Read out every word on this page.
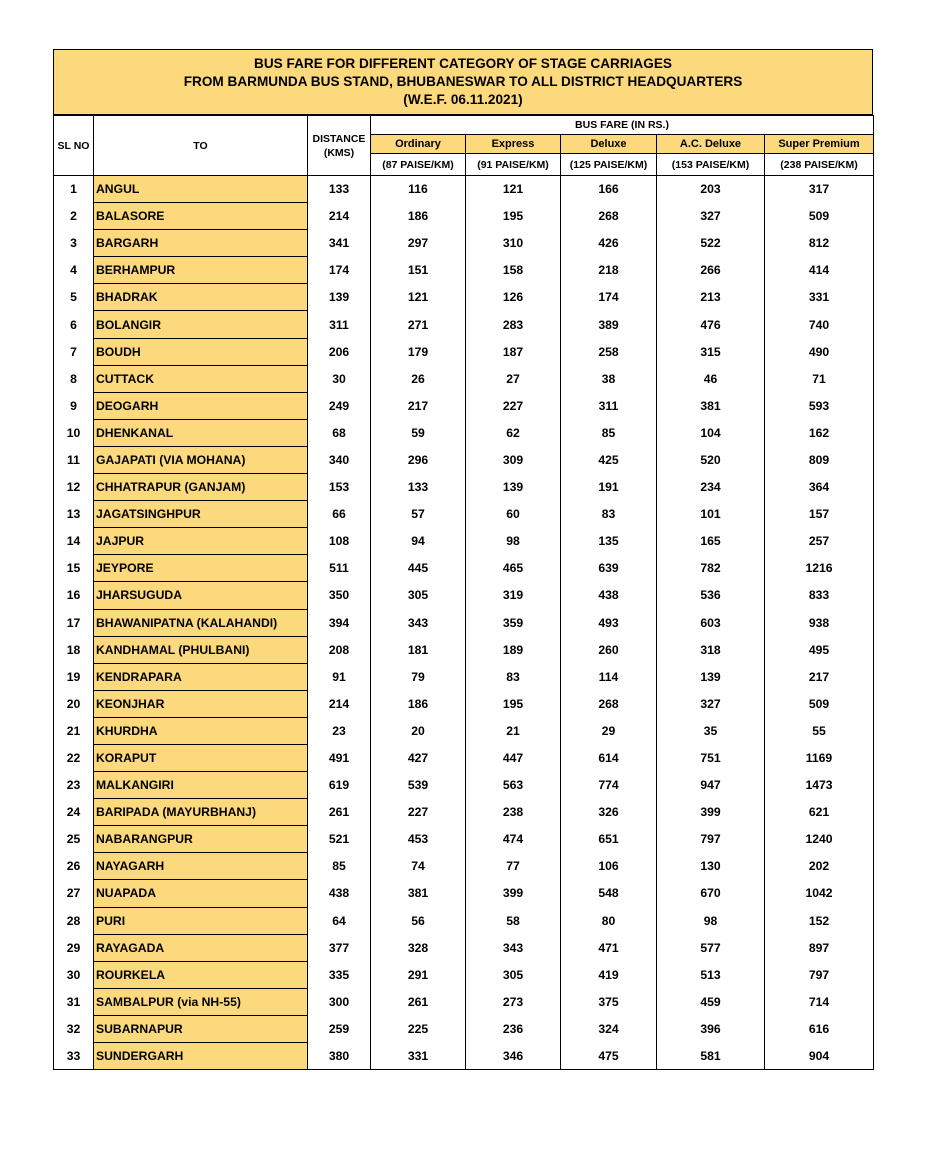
BUS FARE FOR DIFFERENT CATEGORY OF STAGE CARRIAGES
FROM BARMUNDA BUS STAND, BHUBANESWAR TO ALL DISTRICT HEADQUARTERS
(W.E.F. 06.11.2021)
SL NO	TO	DISTANCE
(KMS)	BUS FARE (IN RS.)				
			Ordinary	Express	Deluxe	A.C. Deluxe	Super Premium
			(87 PAISE/KM)	(91 PAISE/KM)	(125 PAISE/KM)	(153 PAISE/KM)	(238 PAISE/KM)
1	ANGUL	133	116	121	166	203	317
2	BALASORE	214	186	195	268	327	509
3	BARGARH	341	297	310	426	522	812
4	BERHAMPUR	174	151	158	218	266	414
5	BHADRAK	139	121	126	174	213	331
6	BOLANGIR	311	271	283	389	476	740
7	BOUDH	206	179	187	258	315	490
8	CUTTACK	30	26	27	38	46	71
9	DEOGARH	249	217	227	311	381	593
10	DHENKANAL	68	59	62	85	104	162
11	GAJAPATI (VIA MOHANA)	340	296	309	425	520	809
12	CHHATRAPUR (GANJAM)	153	133	139	191	234	364
13	JAGATSINGHPUR	66	57	60	83	101	157
14	JAJPUR	108	94	98	135	165	257
15	JEYPORE	511	445	465	639	782	1216
16	JHARSUGUDA	350	305	319	438	536	833
17	BHAWANIPATNA (KALAHANDI)	394	343	359	493	603	938
18	KANDHAMAL (PHULBANI)	208	181	189	260	318	495
19	KENDRAPARA	91	79	83	114	139	217
20	KEONJHAR	214	186	195	268	327	509
21	KHURDHA	23	20	21	29	35	55
22	KORAPUT	491	427	447	614	751	1169
23	MALKANGIRI	619	539	563	774	947	1473
24	BARIPADA (MAYURBHANJ)	261	227	238	326	399	621
25	NABARANGPUR	521	453	474	651	797	1240
26	NAYAGARH	85	74	77	106	130	202
27	NUAPADA	438	381	399	548	670	1042
28	PURI	64	56	58	80	98	152
29	RAYAGADA	377	328	343	471	577	897
30	ROURKELA	335	291	305	419	513	797
31	SAMBALPUR (via NH-55)	300	261	273	375	459	714
32	SUBARNAPUR	259	225	236	324	396	616
33	SUNDERGARH	380	331	346	475	581	904
